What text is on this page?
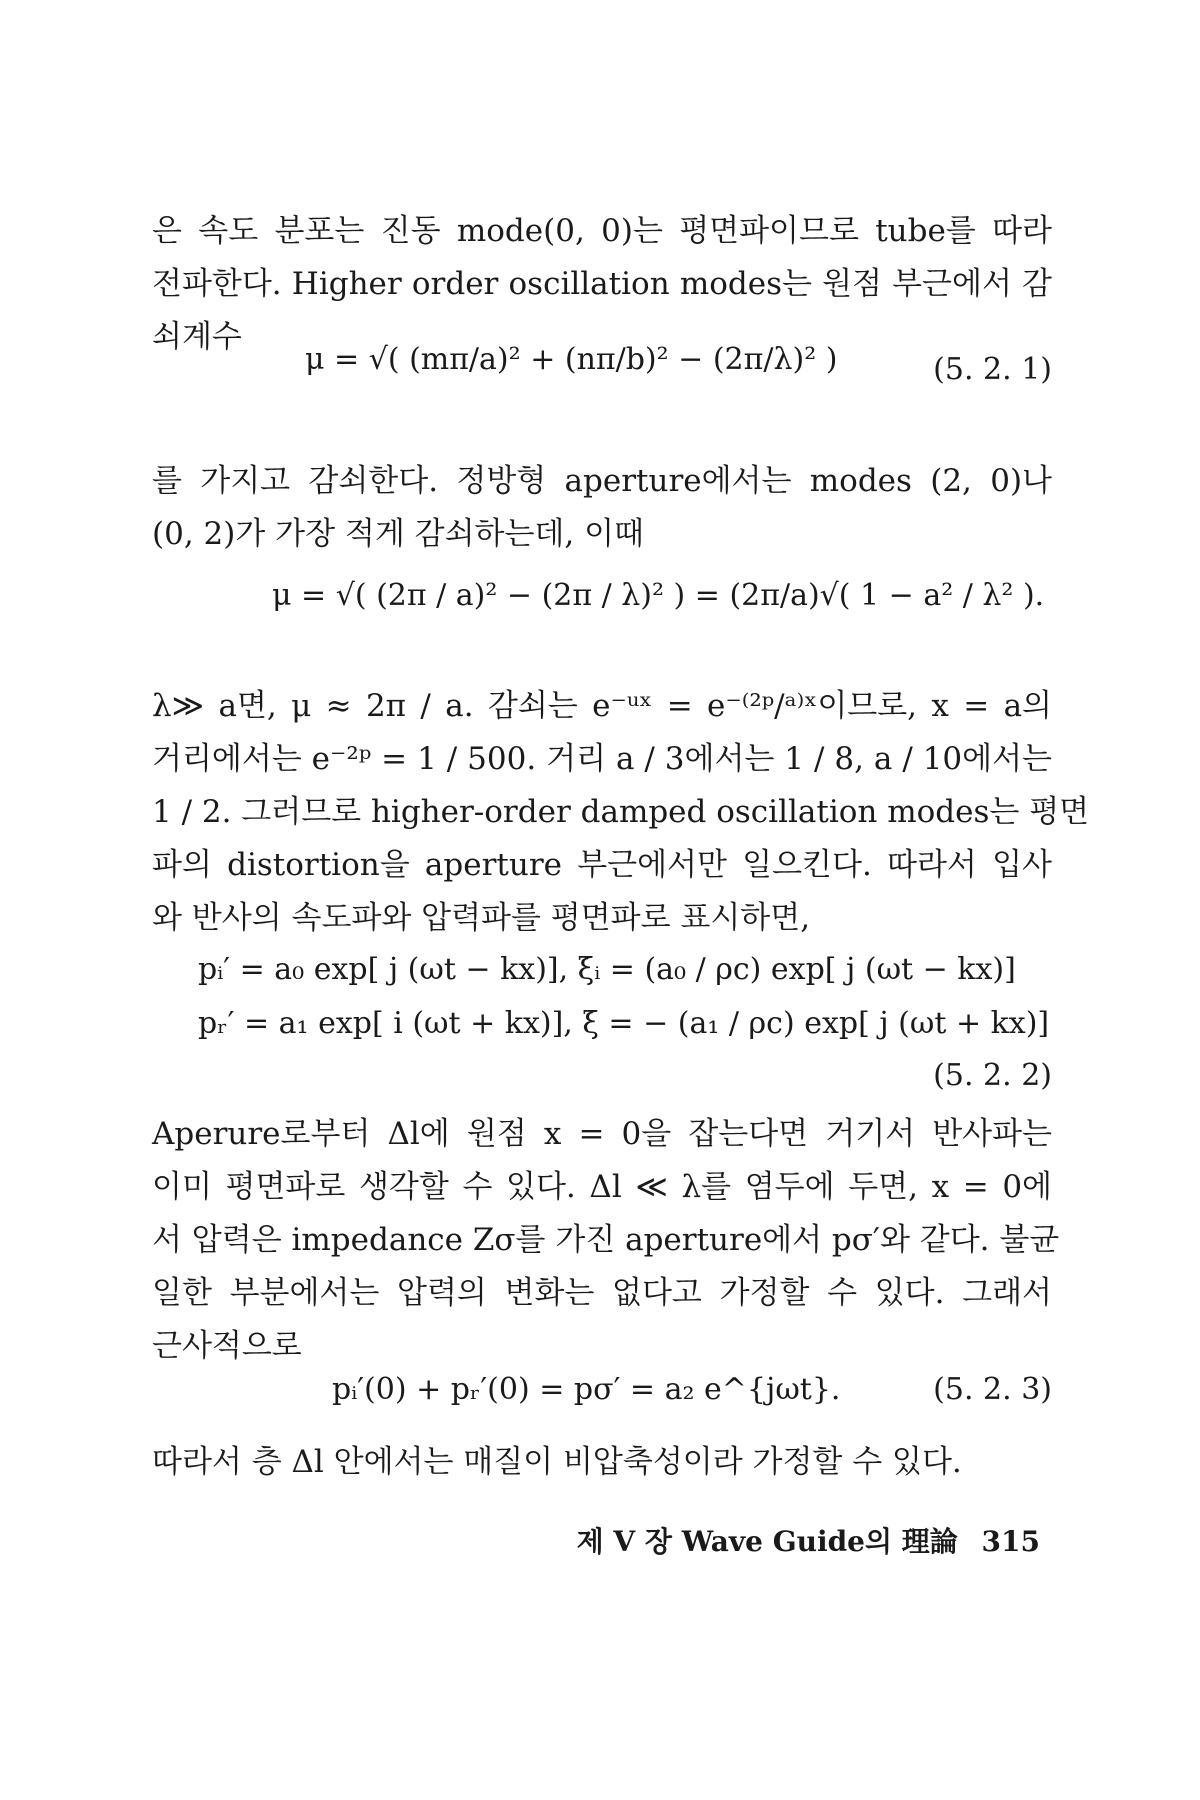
은 속도 분포는 진동 mode(0, 0)는 평면파이므로 tube를 따라
전파한다. Higher order oscillation modes는 원점 부근에서 감
쇠계수
μ = √( (mπ/a)² + (nπ/b)² − (2π/λ)² )	(5. 2. 1)
를 가지고 감쇠한다. 정방형 aperture에서는 modes (2, 0)나
(0, 2)가 가장 적게 감쇠하는데, 이때
μ = √( (2π / a)² − (2π / λ)² ) = (2π/a)√( 1 − a² / λ² ).
λ≫ a면, μ ≈ 2π / a. 감쇠는 e⁻ᵘˣ = e⁻⁽²ᵖ/ᵃ⁾ˣ이므로, x = a의
거리에서는 e⁻²ᵖ = 1 / 500. 거리 a / 3에서는 1 / 8, a / 10에서는
1 / 2. 그러므로 higher-order damped oscillation modes는 평면
파의 distortion을 aperture 부근에서만 일으킨다. 따라서 입사
와 반사의 속도파와 압력파를 평면파로 표시하면,
pᵢ′ = a₀ exp[ j (ωt − kx)], ξ̇ᵢ = (a₀ / ρc) exp[ j (ωt − kx)]
pᵣ′ = a₁ exp[ i (ωt + kx)], ξ̇ = − (a₁ / ρc) exp[ j (ωt + kx)]
(5. 2. 2)
Aperure로부터 Δl에 원점 x = 0을 잡는다면 거기서 반사파는
이미 평면파로 생각할 수 있다. Δl ≪ λ를 염두에 두면, x = 0에
서 압력은 impedance Zσ를 가진 aperture에서 pσ′와 같다. 불균
일한 부분에서는 압력의 변화는 없다고 가정할 수 있다. 그래서
근사적으로
pᵢ′(0) + pᵣ′(0) = pσ′ = a₂ e^{jωt}.	(5. 2. 3)
따라서 층 Δl 안에서는 매질이 비압축성이라 가정할 수 있다.
제 V 장 Wave Guide의 理論 315
